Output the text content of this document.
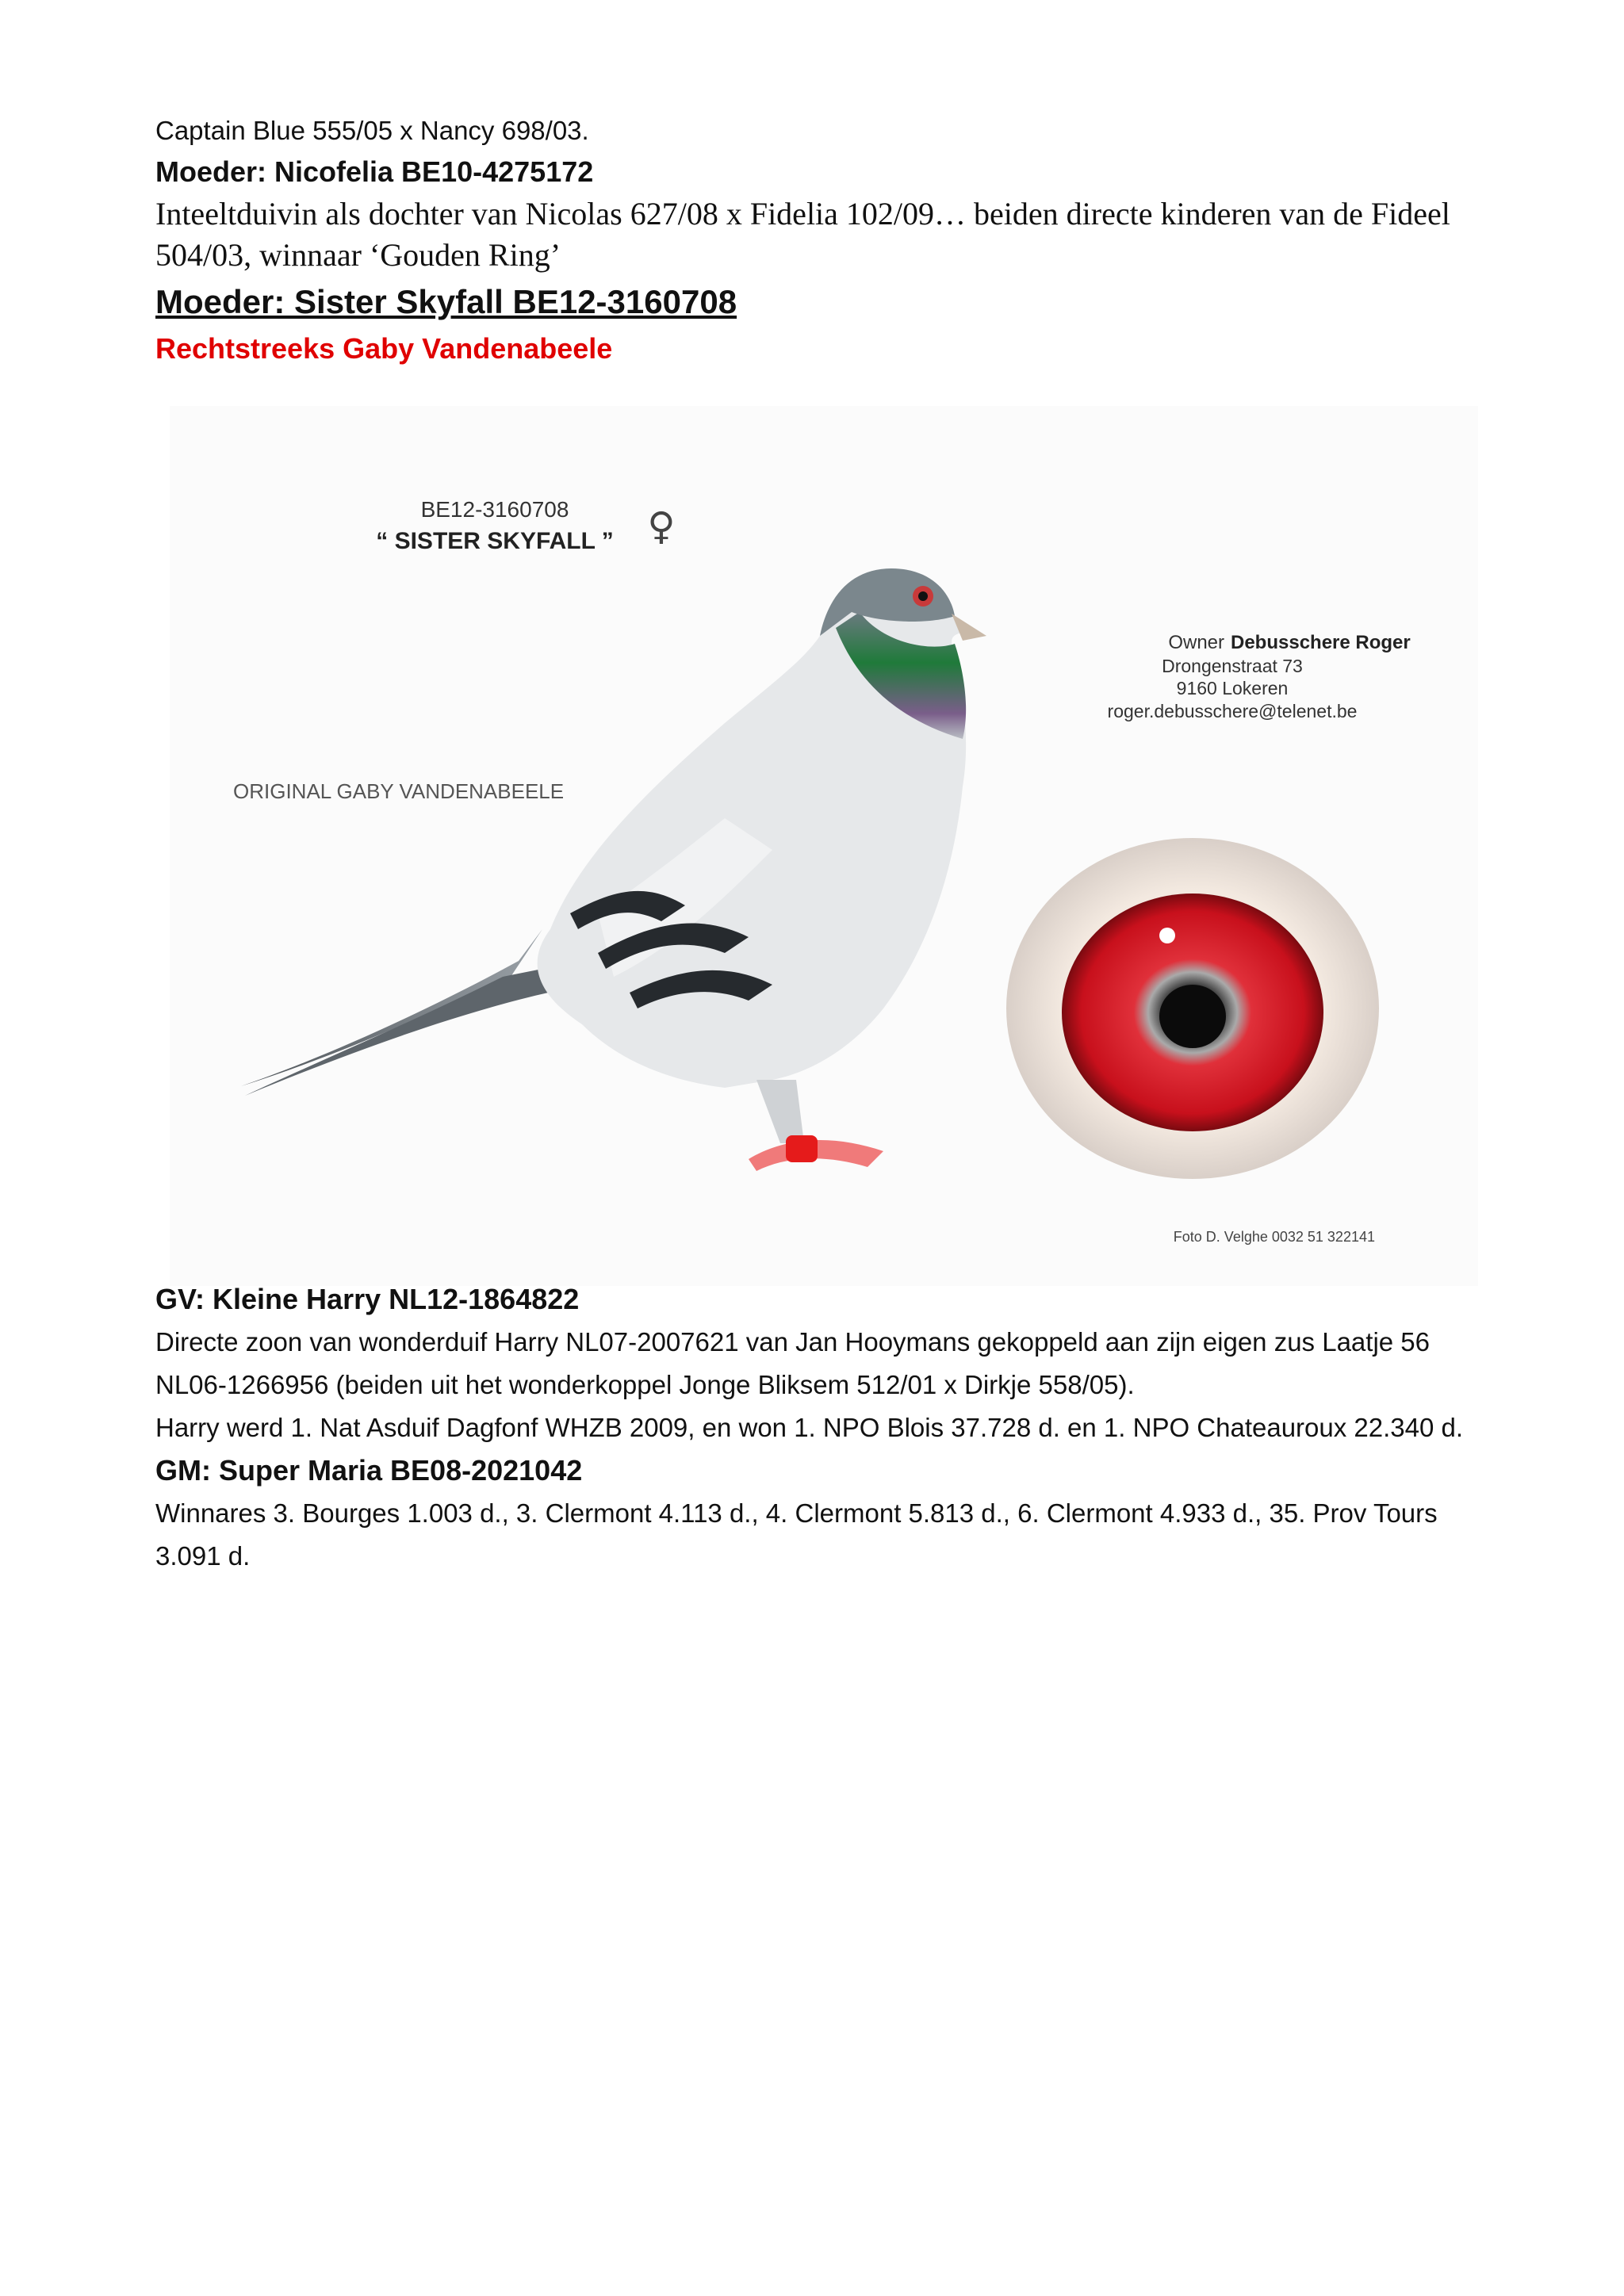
Captain Blue 555/05 x Nancy 698/03.

Moeder: Nicofelia BE10-4275172

Inteeltduivin als dochter van Nicolas 627/08 x Fidelia 102/09… beiden directe kinderen van de Fideel 504/03, winnaar ‘Gouden Ring’

Moeder: Sister Skyfall BE12-3160708

Rechtstreeks Gaby Vandenabeele

BE12-3160708
“ SISTER SKYFALL ” ♀
ORIGINAL GABY VANDENABEELE
Owner Debusschere Roger
Drongenstraat 73
9160 Lokeren
roger.debusschere@telenet.be
Foto D. Velghe 0032 51 322141

GV: Kleine Harry NL12-1864822

Directe zoon van wonderduif Harry NL07-2007621 van Jan Hooymans gekoppeld aan zijn eigen zus Laatje 56 NL06-1266956 (beiden uit het wonderkoppel Jonge Bliksem 512/01 x Dirkje 558/05).

Harry werd 1. Nat Asduif Dagfonf WHZB 2009, en won 1. NPO Blois 37.728 d. en 1. NPO Chateauroux 22.340 d.

GM: Super Maria BE08-2021042

Winnares 3. Bourges 1.003 d., 3. Clermont 4.113 d., 4. Clermont 5.813 d., 6. Clermont 4.933 d., 35. Prov Tours 3.091 d.
